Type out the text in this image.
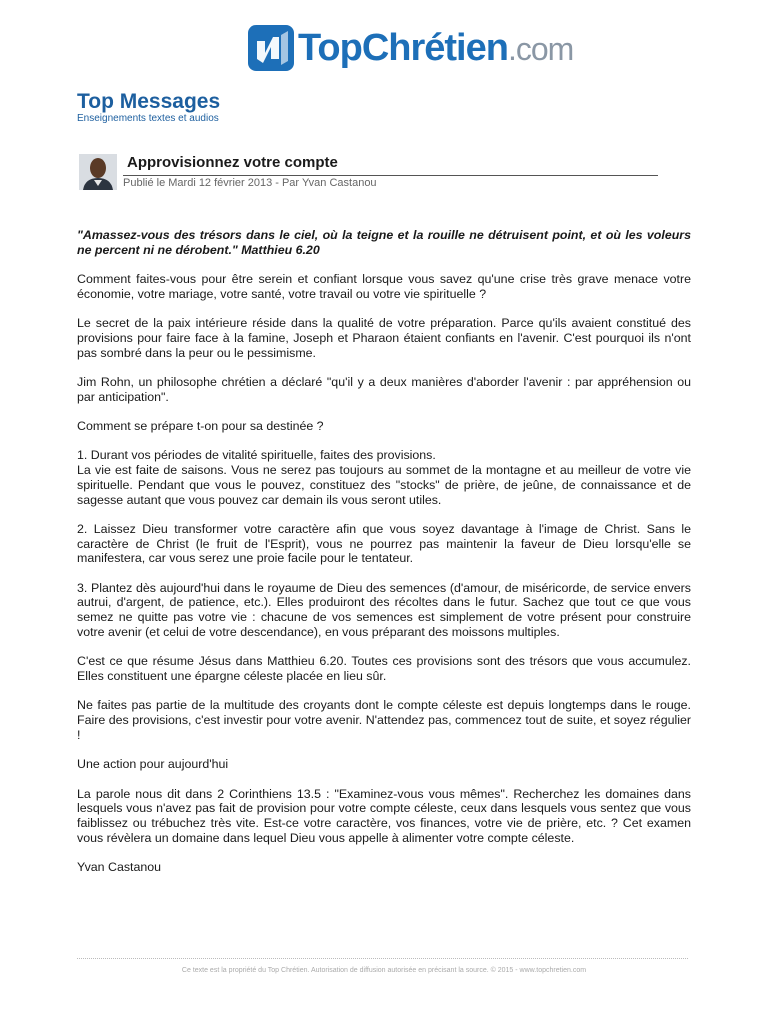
TopChrétien.com
Top Messages
Enseignements textes et audios
Approvisionnez votre compte
Publié le Mardi 12 février 2013 - Par Yvan Castanou

"Amassez-vous des trésors dans le ciel, où la teigne et la rouille ne détruisent point, et où les voleurs ne percent ni ne dérobent." Matthieu 6.20

Comment faites-vous pour être serein et confiant lorsque vous savez qu'une crise très grave menace votre économie, votre mariage, votre santé, votre travail ou votre vie spirituelle ?

Le secret de la paix intérieure réside dans la qualité de votre préparation. Parce qu'ils avaient constitué des provisions pour faire face à la famine, Joseph et Pharaon étaient confiants en l'avenir. C'est pourquoi ils n'ont pas sombré dans la peur ou le pessimisme.

Jim Rohn, un philosophe chrétien a déclaré "qu'il y a deux manières d'aborder l'avenir : par appréhension ou par anticipation".

Comment se prépare t-on pour sa destinée ?

1. Durant vos périodes de vitalité spirituelle, faites des provisions.
La vie est faite de saisons. Vous ne serez pas toujours au sommet de la montagne et au meilleur de votre vie spirituelle. Pendant que vous le pouvez, constituez des "stocks" de prière, de jeûne, de connaissance et de sagesse autant que vous pouvez car demain ils vous seront utiles.

2. Laissez Dieu transformer votre caractère afin que vous soyez davantage à l'image de Christ. Sans le caractère de Christ (le fruit de l'Esprit), vous ne pourrez pas maintenir la faveur de Dieu lorsqu'elle se manifestera, car vous serez une proie facile pour le tentateur.

3. Plantez dès aujourd'hui dans le royaume de Dieu des semences (d'amour, de miséricorde, de service envers autrui, d'argent, de patience, etc.). Elles produiront des récoltes dans le futur. Sachez que tout ce que vous semez ne quitte pas votre vie : chacune de vos semences est simplement de votre présent pour construire votre avenir (et celui de votre descendance), en vous préparant des moissons multiples.

C'est ce que résume Jésus dans Matthieu 6.20. Toutes ces provisions sont des trésors que vous accumulez. Elles constituent une épargne céleste placée en lieu sûr.

Ne faites pas partie de la multitude des croyants dont le compte céleste est depuis longtemps dans le rouge. Faire des provisions, c'est investir pour votre avenir. N'attendez pas, commencez tout de suite, et soyez régulier !

Une action pour aujourd'hui

La parole nous dit dans 2 Corinthiens 13.5 : "Examinez-vous vous mêmes". Recherchez les domaines dans lesquels vous n'avez pas fait de provision pour votre compte céleste, ceux dans lesquels vous sentez que vous faiblissez ou trébuchez très vite. Est-ce votre caractère, vos finances, votre vie de prière, etc. ? Cet examen vous révèlera un domaine dans lequel Dieu vous appelle à alimenter votre compte céleste.

Yvan Castanou

Ce texte est la propriété du Top Chrétien. Autorisation de diffusion autorisée en précisant la source. © 2015 - www.topchretien.com
